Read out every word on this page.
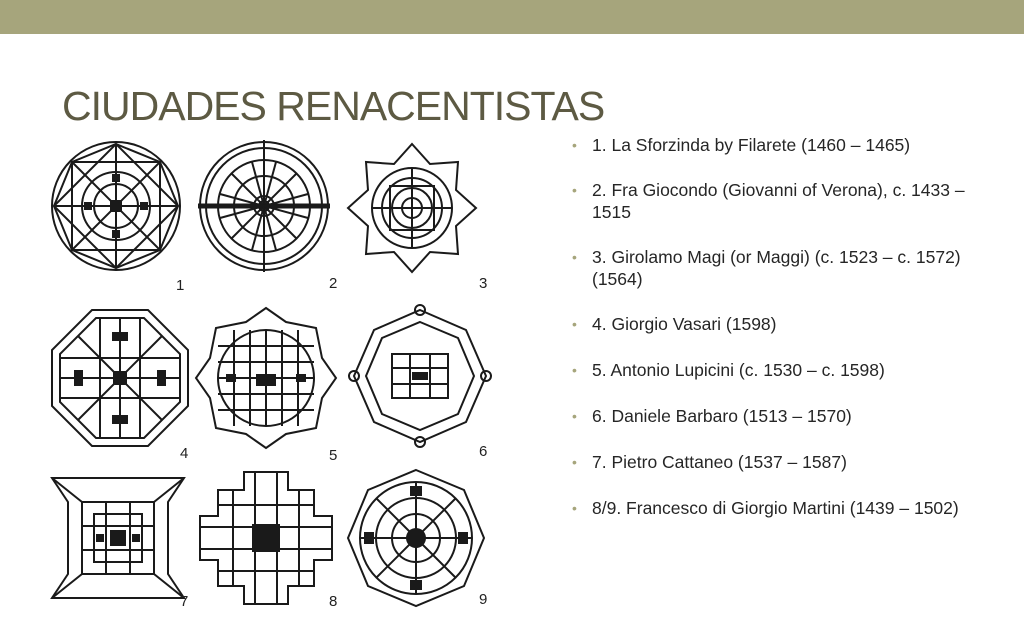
CIUDADES RENACENTISTAS
1	2	3
4	5	6
7	8	9
• 1. La Sforzinda by Filarete (1460 – 1465)
• 2. Fra Giocondo (Giovanni of Verona), c. 1433 – 1515
• 3. Girolamo Magi (or Maggi) (c. 1523 – c. 1572) (1564)
• 4. Giorgio Vasari (1598)
• 5. Antonio Lupicini (c. 1530 – c. 1598)
• 6. Daniele Barbaro (1513 – 1570)
• 7. Pietro Cattaneo (1537 – 1587)
• 8/9. Francesco di Giorgio Martini (1439 – 1502)
